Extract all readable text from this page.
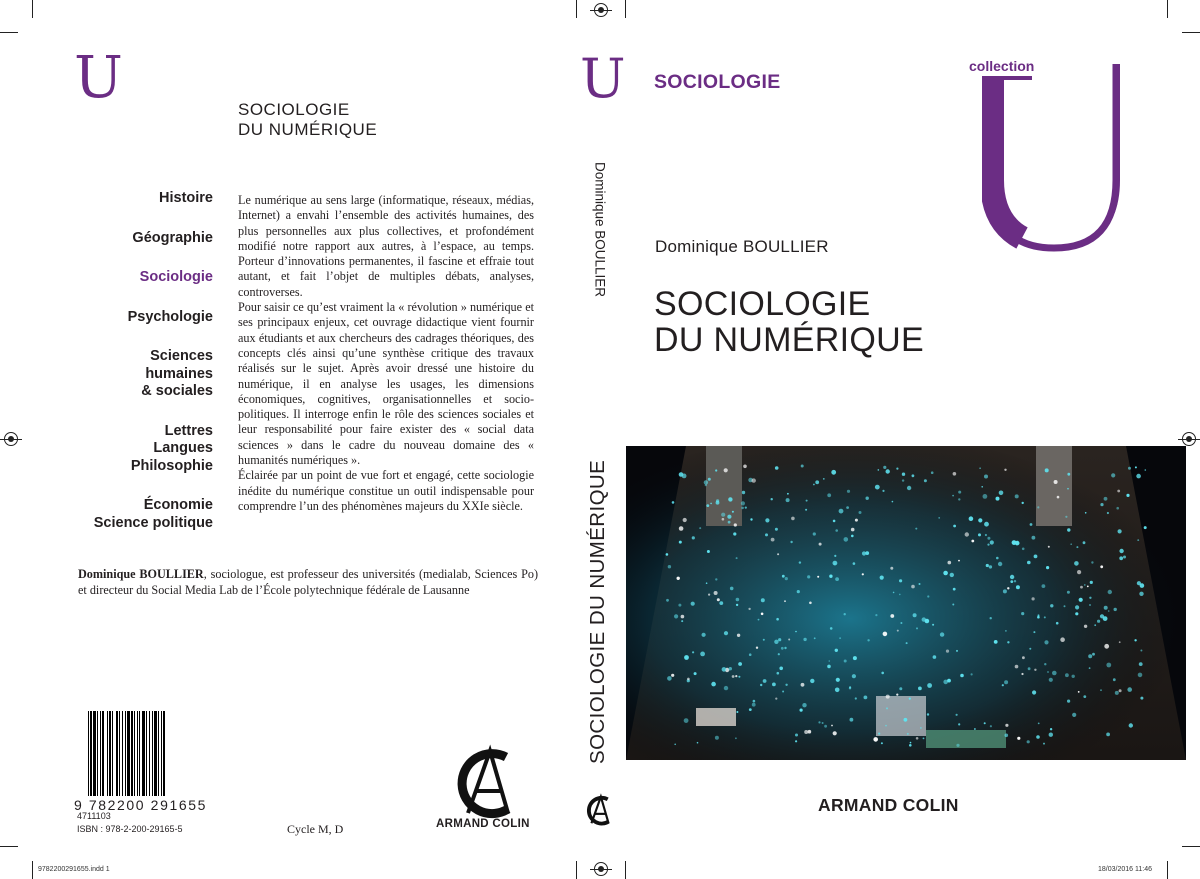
U	SOCIOLOGIE
DU NUMÉRIQUE
Histoire
Géographie
Sociologie
Psychologie
Sciences
humaines
& sociales
Lettres
Langues
Philosophie
Économie
Science politique

Le numérique au sens large (informatique, réseaux, médias, Internet) a envahi l’ensemble des activités humaines, des plus personnelles aux plus collectives, et profondément modifié notre rapport aux autres, à l’espace, au temps. Porteur d’innovations permanentes, il fascine et effraie tout autant, et fait l’objet de multiples débats, analyses, controverses.

Pour saisir ce qu’est vraiment la « révolution » numérique et ses principaux enjeux, cet ouvrage didactique vient fournir aux étudiants et aux chercheurs des cadrages théoriques, des concepts clés ainsi qu’une synthèse critique des travaux réalisés sur le sujet. Après avoir dressé une histoire du numérique, il en analyse les usages, les dimensions économiques, cognitives, organisationnelles et socio-politiques. Il interroge enfin le rôle des sciences sociales et leur responsabilité pour faire exister des « social data sciences » dans le cadre du nouveau domaine des « humanités numériques ».

Éclairée par un point de vue fort et engagé, cette sociologie inédite du numérique constitue un outil indispensable pour comprendre l’un des phénomènes majeurs du XXIe siècle.

Dominique BOULLIER, sociologue, est professeur des universités (medialab, Sciences Po) et directeur du Social Media Lab de l’École polytechnique fédérale de Lausanne
9 782200 291655
4711103
ISBN : 978-2-200-29165-5	Cycle M, D	ARMAND COLIN
Dominique BOULLIER
SOCIOLOGIE DU NUMÉRIQUE
U SOCIOLOGIE
collection
Dominique BOULLIER
SOCIOLOGIE
DU NUMÉRIQUE
ARMAND COLIN
9782200291655.indd 1	18/03/2016 11:46
